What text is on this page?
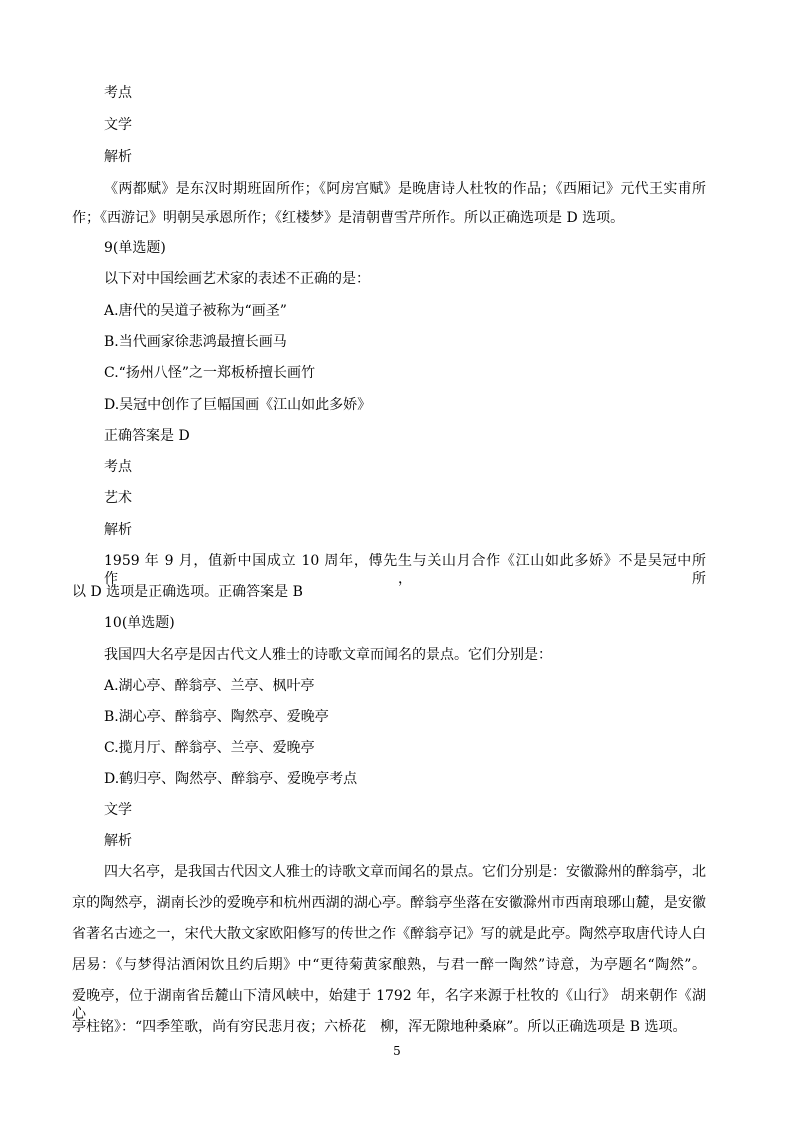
考点
文学
解析
《两都赋》是东汉时期班固所作；《阿房宫赋》是晚唐诗人杜牧的作品；《西厢记》元代王实甫所
作；《西游记》明朝吴承恩所作；《红楼梦》是清朝曹雪芹所作。所以正确选项是 D 选项。
9(单选题)
以下对中国绘画艺术家的表述不正确的是：
A.唐代的吴道子被称为“画圣”
B.当代画家徐悲鸿最擅长画马
C.“扬州八怪”之一郑板桥擅长画竹
D.吴冠中创作了巨幅国画《江山如此多娇》
正确答案是 D
考点
艺术
解析
1959 年 9 月，值新中国成立 10 周年，傅先生与关山月合作《江山如此多娇》不是吴冠中所作，所
以 D 选项是正确选项。正确答案是 B
10(单选题)
我国四大名亭是因古代文人雅士的诗歌文章而闻名的景点。它们分别是：
A.湖心亭、醉翁亭、兰亭、枫叶亭
B.湖心亭、醉翁亭、陶然亭、爱晚亭
C.揽月厅、醉翁亭、兰亭、爱晚亭
D.鹤归亭、陶然亭、醉翁亭、爱晚亭考点
文学
解析
四大名亭，是我国古代因文人雅士的诗歌文章而闻名的景点。它们分别是：安徽滁州的醉翁亭，北
京的陶然亭，湖南长沙的爱晚亭和杭州西湖的湖心亭。醉翁亭坐落在安徽滁州市西南琅琊山麓，是安徽
省著名古迹之一，宋代大散文家欧阳修写的传世之作《醉翁亭记》写的就是此亭。陶然亭取唐代诗人白
居易：《与梦得沽酒闲饮且约后期》中“更待菊黄家酿熟，与君一醉一陶然”诗意，为亭题名“陶然”。
爱晚亭，位于湖南省岳麓山下清风峡中，始建于 1792 年，名字来源于杜牧的《山行》 胡来朝作《湖心
亭柱铭》：“四季笙歌，尚有穷民悲月夜；六桥花　柳，浑无隙地种桑麻”。所以正确选项是 B 选项。
5
